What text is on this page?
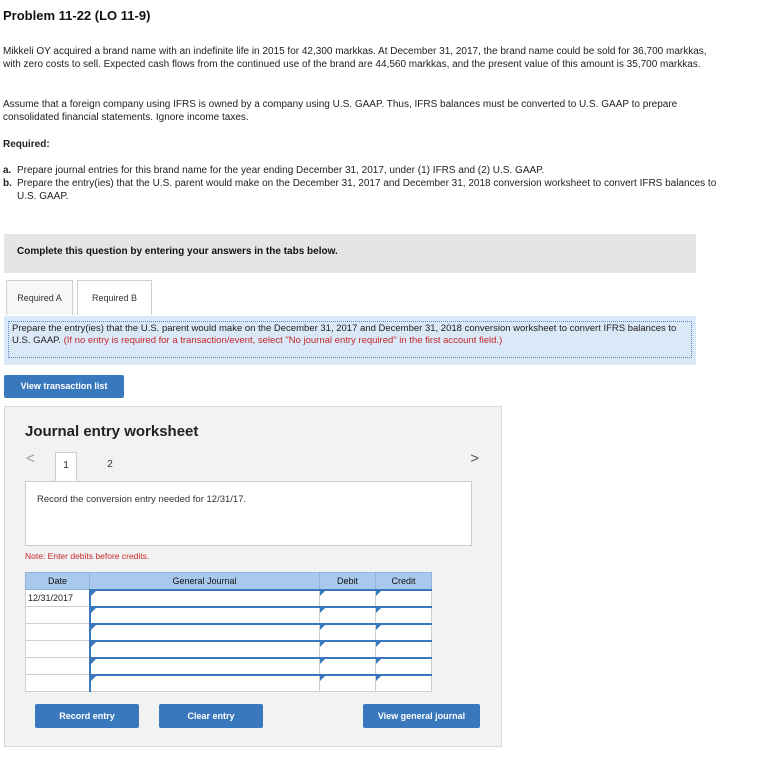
Problem 11-22 (LO 11-9)
Mikkeli OY acquired a brand name with an indefinite life in 2015 for 42,300 markkas. At December 31, 2017, the brand name could be sold for 36,700 markkas, with zero costs to sell. Expected cash flows from the continued use of the brand are 44,560 markkas, and the present value of this amount is 35,700 markkas.
Assume that a foreign company using IFRS is owned by a company using U.S. GAAP. Thus, IFRS balances must be converted to U.S. GAAP to prepare consolidated financial statements. Ignore income taxes.
Required:
a. Prepare journal entries for this brand name for the year ending December 31, 2017, under (1) IFRS and (2) U.S. GAAP.
b. Prepare the entry(ies) that the U.S. parent would make on the December 31, 2017 and December 31, 2018 conversion worksheet to convert IFRS balances to U.S. GAAP.
Complete this question by entering your answers in the tabs below.
Required A	Required B
Prepare the entry(ies) that the U.S. parent would make on the December 31, 2017 and December 31, 2018 conversion worksheet to convert IFRS balances to U.S. GAAP. (If no entry is required for a transaction/event, select "No journal entry required" in the first account field.)
View transaction list
Journal entry worksheet
<	1	2	>
Record the conversion entry needed for 12/31/17.
Note: Enter debits before credits.
Date	General Journal	Debit	Credit
12/31/2017	

Record entry	Clear entry	View general journal
